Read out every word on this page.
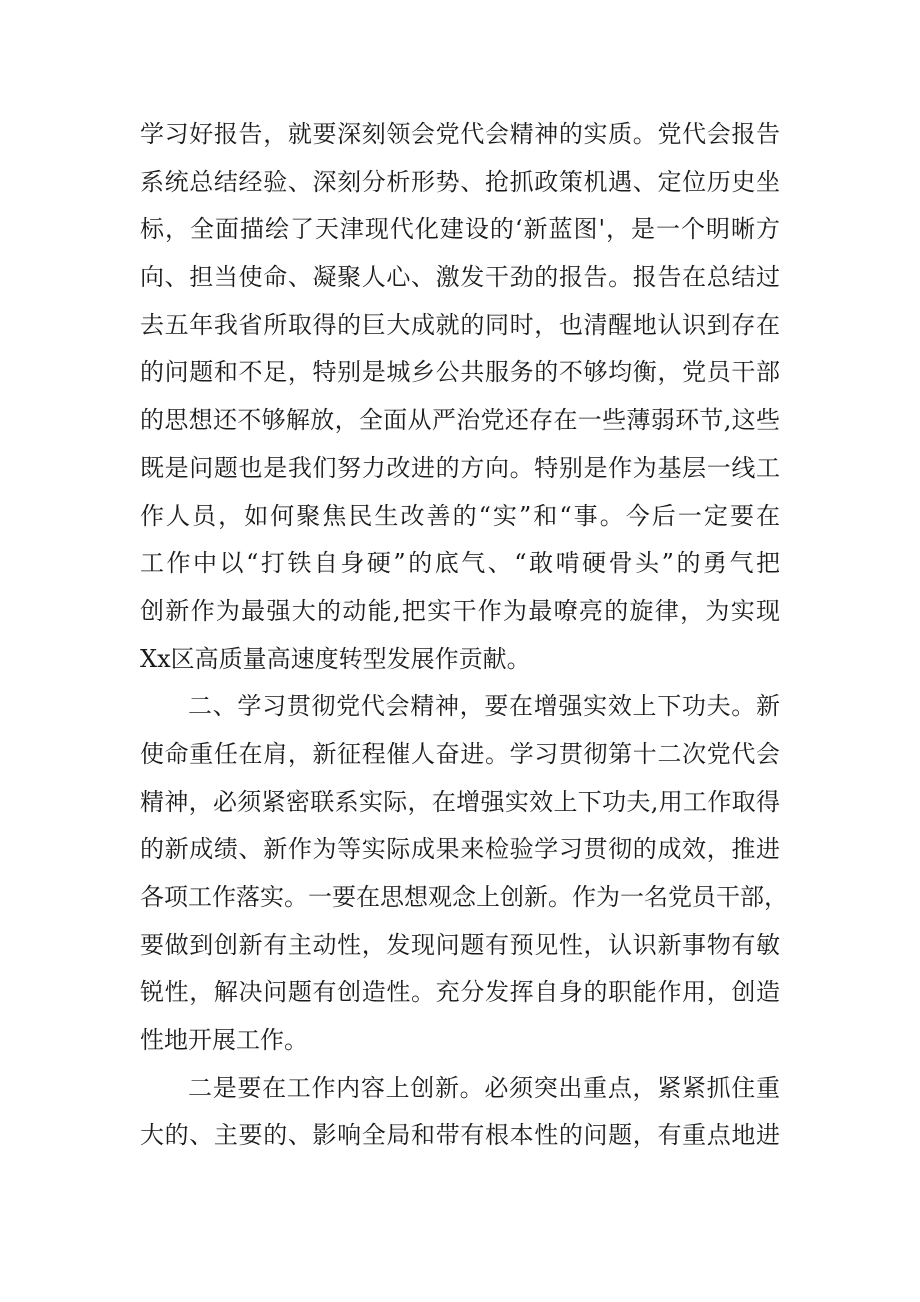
学习好报告，就要深刻领会党代会精神的实质。党代会报告
系统总结经验、深刻分析形势、抢抓政策机遇、定位历史坐
标，全面描绘了天津现代化建设的‘新蓝图'，是一个明晰方
向、担当使命、凝聚人心、激发干劲的报告。报告在总结过
去五年我省所取得的巨大成就的同时，也清醒地认识到存在
的问题和不足，特别是城乡公共服务的不够均衡，党员干部
的思想还不够解放，全面从严治党还存在一些薄弱环节,这些
既是问题也是我们努力改进的方向。特别是作为基层一线工
作人员，如何聚焦民生改善的“实”和“事。今后一定要在
工作中以“打铁自身硬”的底气、“敢啃硬骨头”的勇气把
创新作为最强大的动能,把实干作为最嘹亮的旋律，为实现
Xx区高质量高速度转型发展作贡献。
二、学习贯彻党代会精神，要在增强实效上下功夫。新
使命重任在肩，新征程催人奋进。学习贯彻第十二次党代会
精神，必须紧密联系实际，在增强实效上下功夫,用工作取得
的新成绩、新作为等实际成果来检验学习贯彻的成效，推进
各项工作落实。一要在思想观念上创新。作为一名党员干部，
要做到创新有主动性，发现问题有预见性，认识新事物有敏
锐性，解决问题有创造性。充分发挥自身的职能作用，创造
性地开展工作。
二是要在工作内容上创新。必须突出重点，紧紧抓住重
大的、主要的、影响全局和带有根本性的问题，有重点地进
